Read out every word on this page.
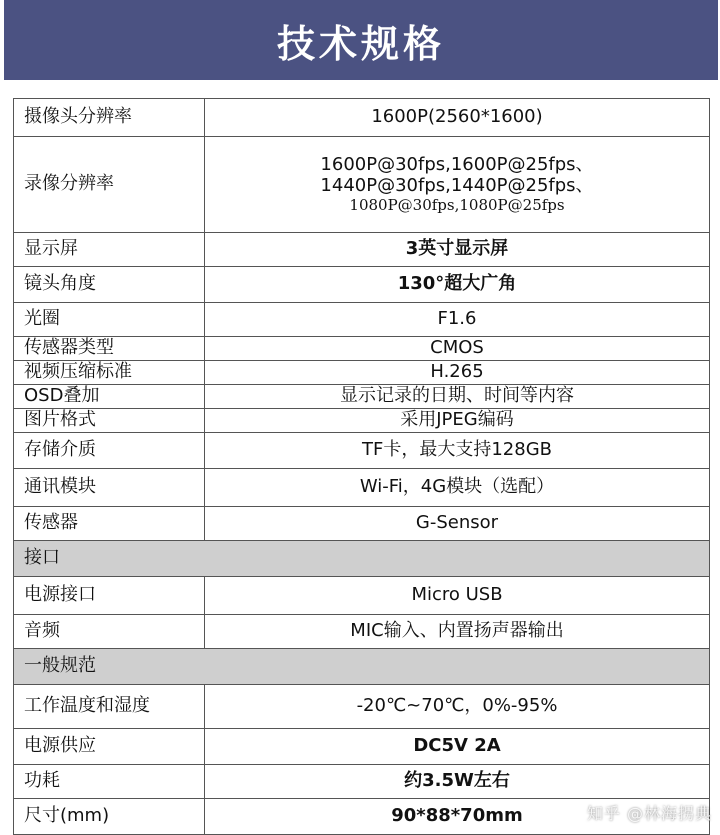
技术规格
摄像头分辨率	1600P(2560*1600)
录像分辨率	1600P@30fps,1600P@25fps、
1440P@30fps,1440P@25fps、
1080P@30fps,1080P@25fps

显示屏	3英寸显示屏
镜头角度	130°超大广角
光圈	F1.6
传感器类型	CMOS
视频压缩标准	H.265
OSD叠加	显示记录的日期、时间等内容
图片格式	采用JPEG编码
存储介质	TF卡，最大支持128GB
通讯模块	Wi-Fi，4G模块（选配）
传感器	G-Sensor
接口	
电源接口	Micro USB
音频	MIC输入、内置扬声器输出
一般规范	
工作温度和湿度	-20℃~70℃，0%-95%
电源供应	DC5V 2A
功耗	约3.5W左右
尺寸(mm)	90*88*70mm	知乎 @林海拐典
